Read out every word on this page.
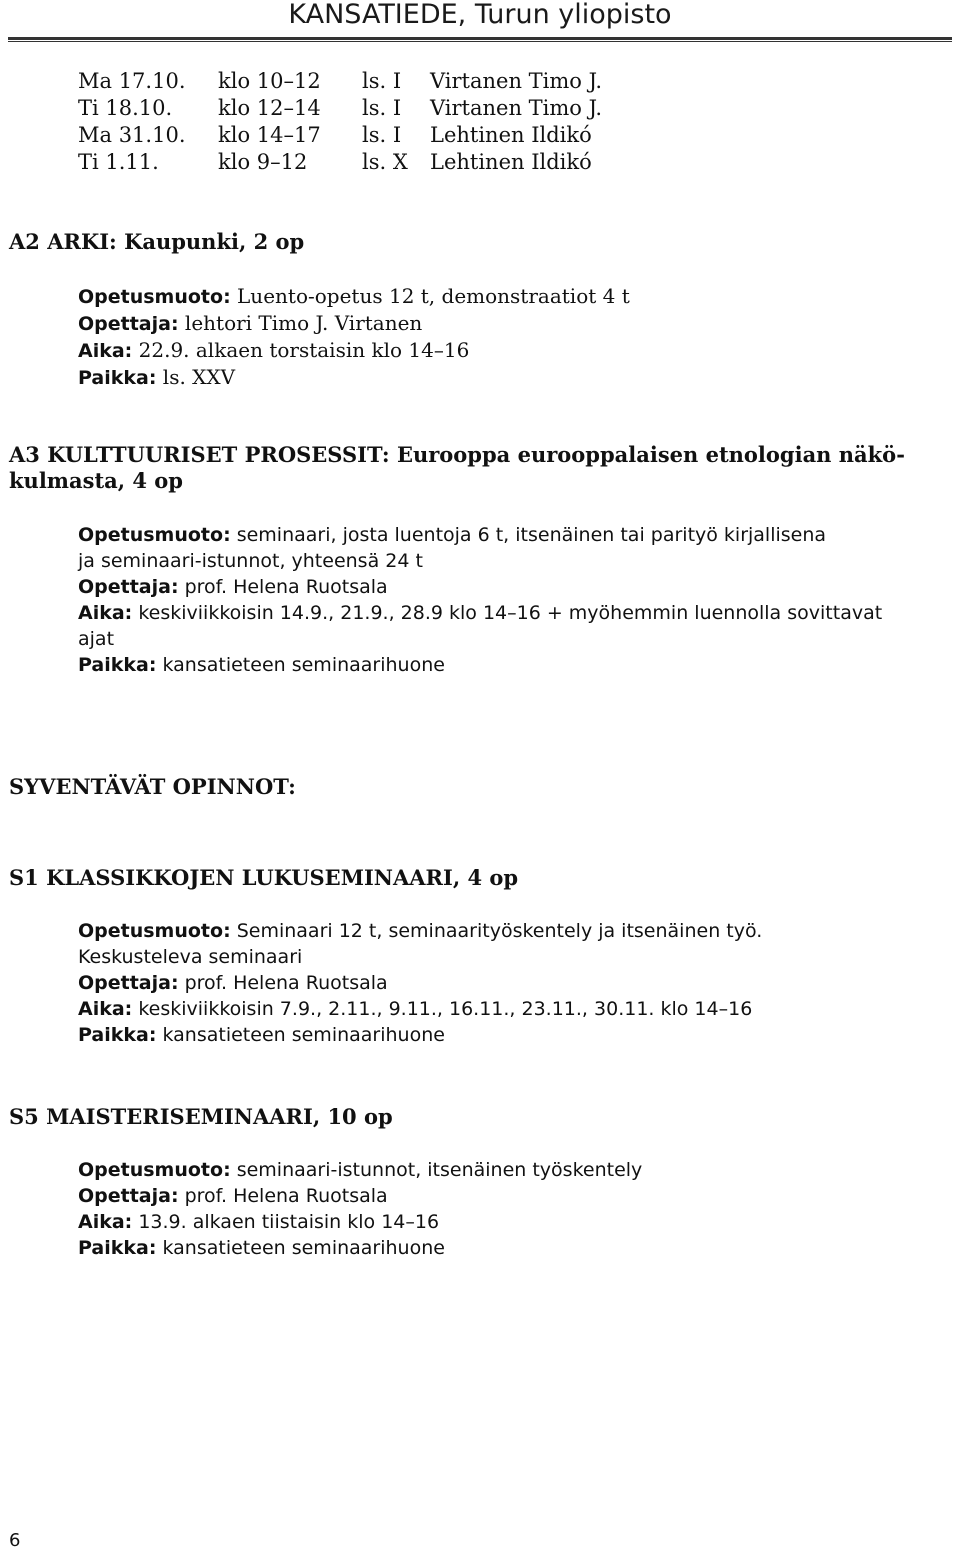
KANSATIEDE, Turun yliopisto
Ma 17.10. klo 10–12 ls. I Virtanen Timo J.
Ti 18.10. klo 12–14 ls. I Virtanen Timo J.
Ma 31.10. klo 14–17 ls. I Lehtinen Ildikó
Ti 1.11.	klo 9–12	ls. X Lehtinen Ildikó
A2 ARKI: Kaupunki, 2 op
Opetusmuoto: Luento-opetus 12 t, demonstraatiot 4 t
Opettaja: lehtori Timo J. Virtanen
Aika: 22.9. alkaen torstaisin klo 14–16
Paikka: ls. XXV
A3 KULTTUURISET PROSESSIT: Eurooppa eurooppalaisen etnologian näkö-
kulmasta, 4 op
Opetusmuoto: seminaari, josta luentoja 6 t, itsenäinen tai parityö kirjallisena
ja seminaari-istunnot, yhteensä 24 t
Opettaja: prof. Helena Ruotsala
Aika: keskiviikkoisin 14.9., 21.9., 28.9 klo 14–16 + myöhemmin luennolla sovittavat
ajat
Paikka: kansatieteen seminaarihuone
SYVENTÄVÄT OPINNOT:
S1 KLASSIKKOJEN LUKUSEMINAARI, 4 op
Opetusmuoto: Seminaari 12 t, seminaarityöskentely ja itsenäinen työ.
Keskusteleva seminaari
Opettaja: prof. Helena Ruotsala
Aika: keskiviikkoisin 7.9., 2.11., 9.11., 16.11., 23.11., 30.11. klo 14–16
Paikka: kansatieteen seminaarihuone
S5 MAISTERISEMINAARI, 10 op
Opetusmuoto: seminaari-istunnot, itsenäinen työskentely
Opettaja: prof. Helena Ruotsala
Aika: 13.9. alkaen tiistaisin klo 14–16
Paikka: kansatieteen seminaarihuone
6
